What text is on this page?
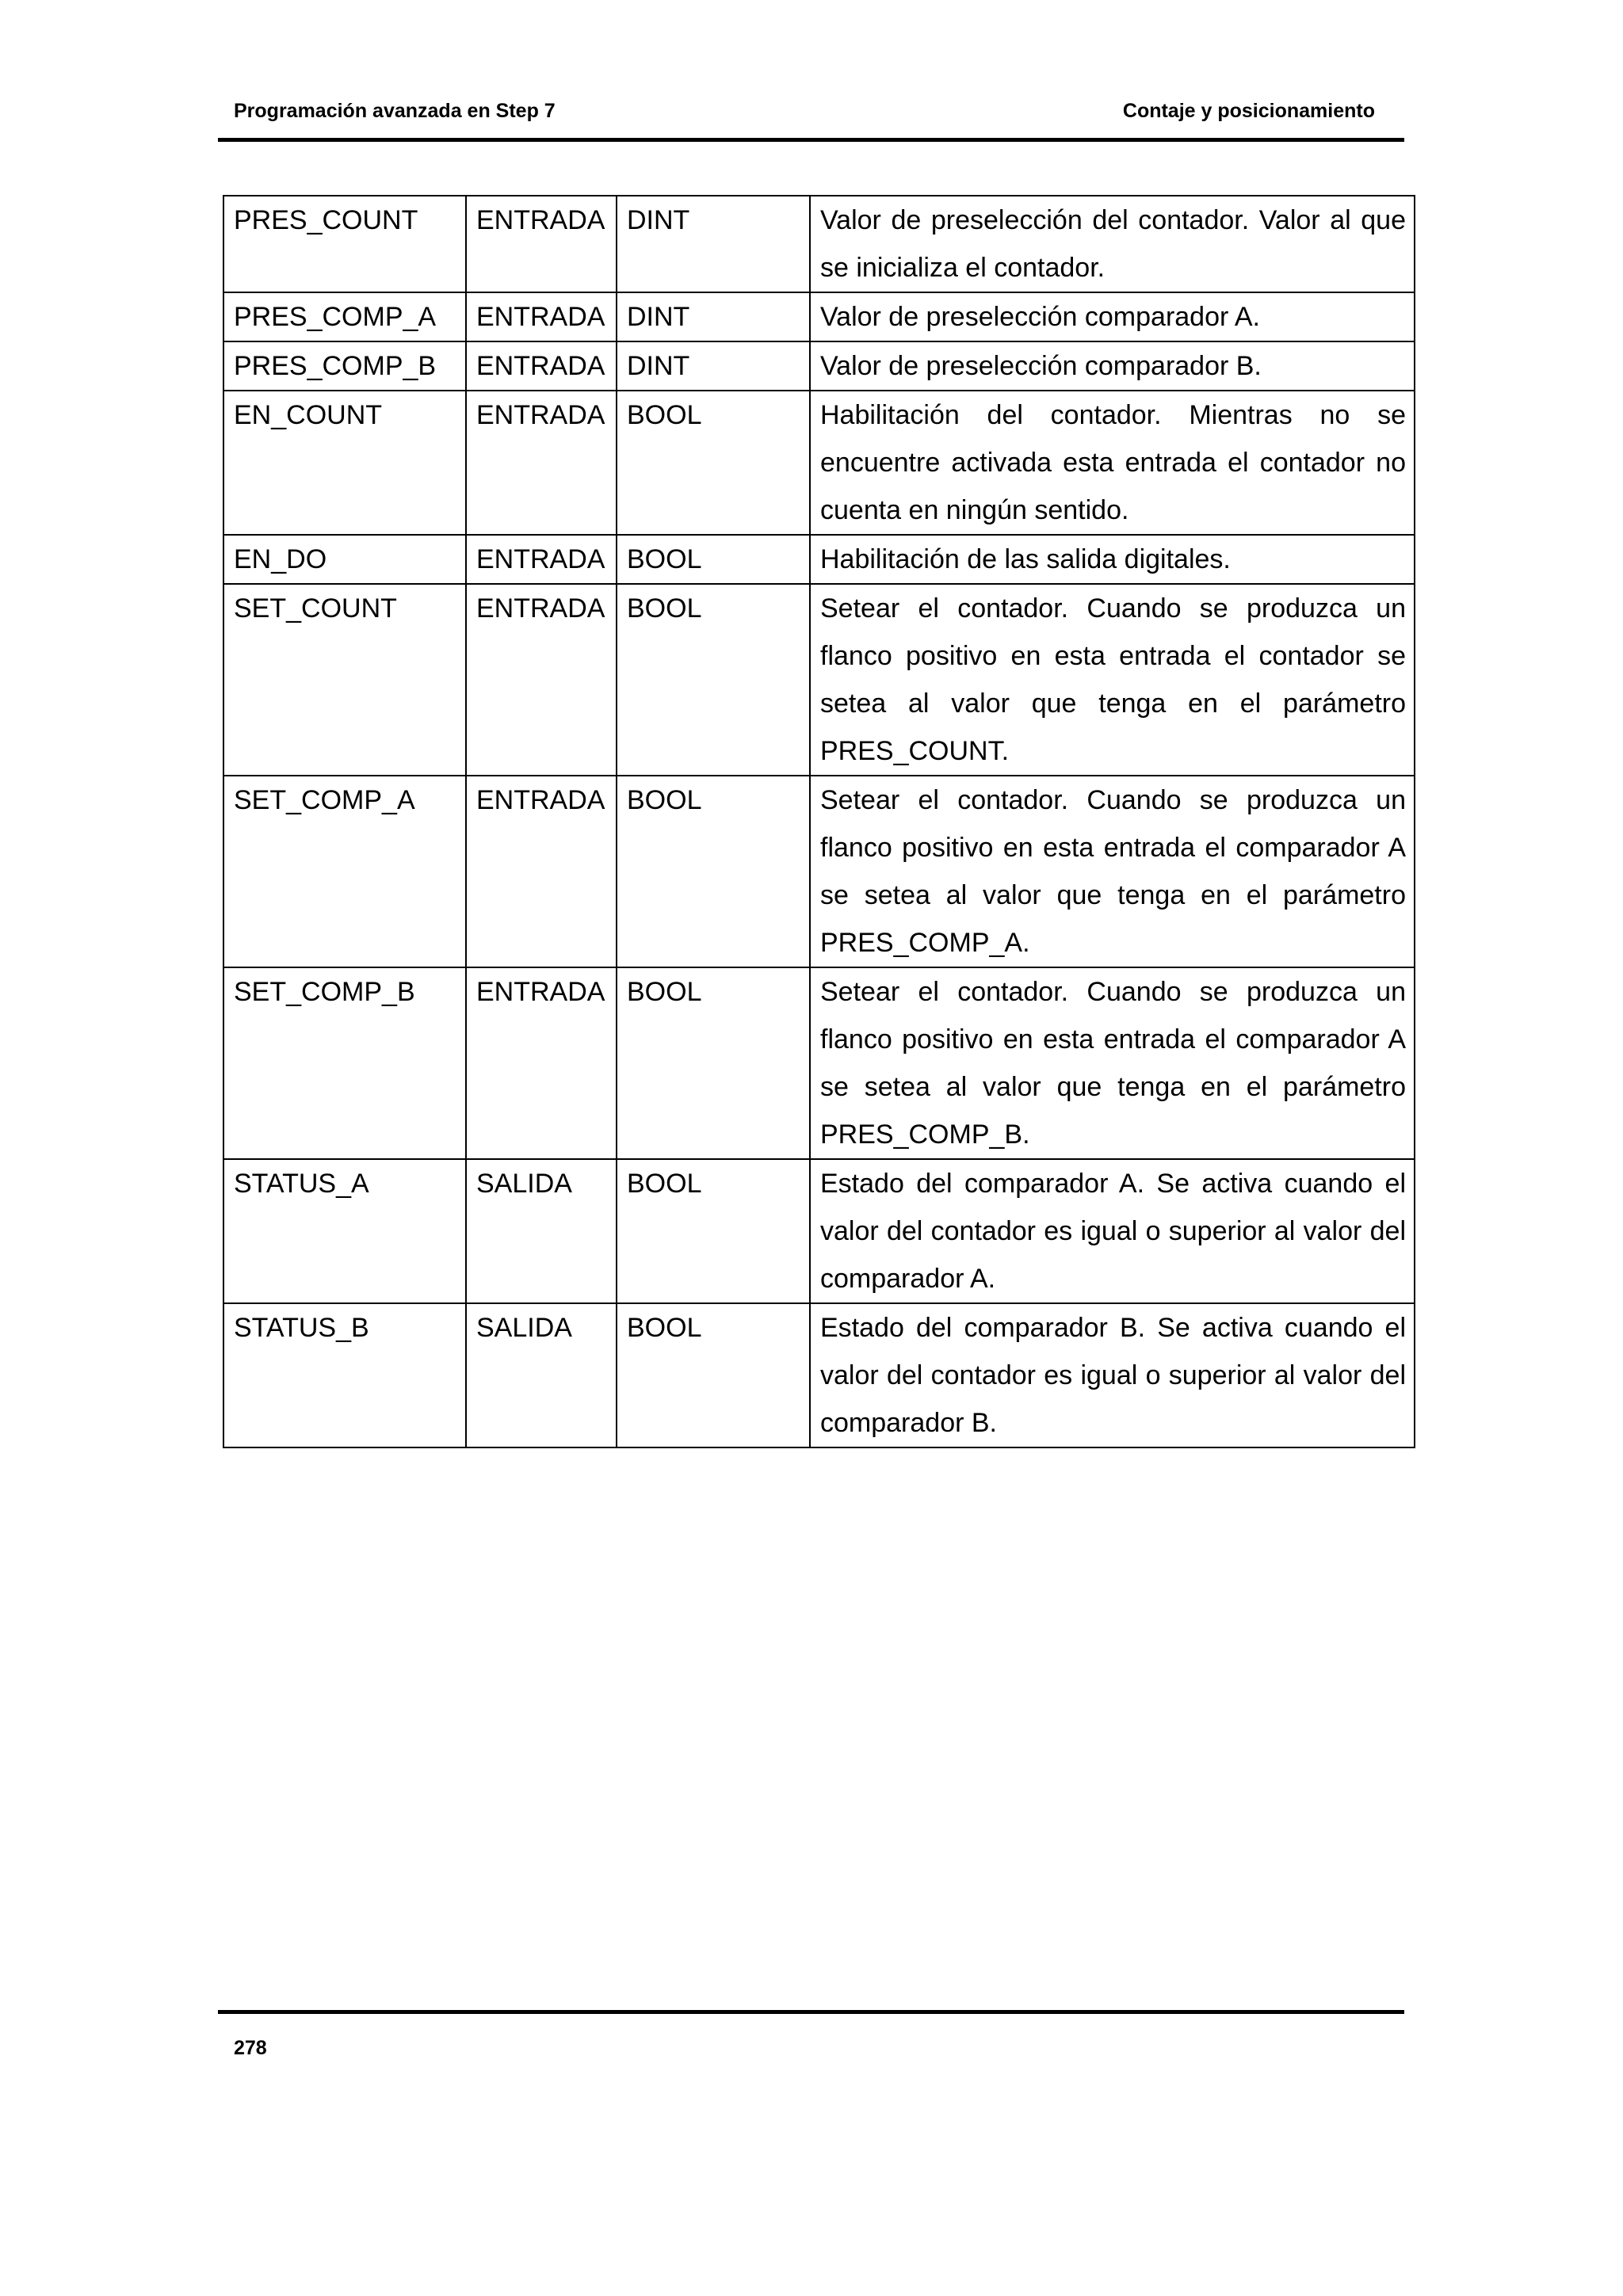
Programación avanzada en Step 7	Contaje y posicionamiento
PRES_COUNT	ENTRADA	DINT	Valor de preselección del contador. Valor al que se inicializa el contador.
PRES_COMP_A	ENTRADA	DINT	Valor de preselección comparador A.
PRES_COMP_B	ENTRADA	DINT	Valor de preselección comparador B.
EN_COUNT	ENTRADA	BOOL	Habilitación del contador. Mientras no se encuentre activada esta entrada el contador no cuenta en ningún sentido.
EN_DO	ENTRADA	BOOL	Habilitación de las salida digitales.
SET_COUNT	ENTRADA	BOOL	Setear el contador. Cuando se produzca un flanco positivo en esta entrada el contador se setea al valor que tenga en el parámetro PRES_COUNT.
SET_COMP_A	ENTRADA	BOOL	Setear el contador. Cuando se produzca un flanco positivo en esta entrada el comparador A se setea al valor que tenga en el parámetro PRES_COMP_A.
SET_COMP_B	ENTRADA	BOOL	Setear el contador. Cuando se produzca un flanco positivo en esta entrada el comparador A se setea al valor que tenga en el parámetro PRES_COMP_B.
STATUS_A	SALIDA	BOOL	Estado del comparador A. Se activa cuando el valor del contador es igual o superior al valor del comparador A.
STATUS_B	SALIDA	BOOL	Estado del comparador B. Se activa cuando el valor del contador es igual o superior al valor del comparador B.
278
